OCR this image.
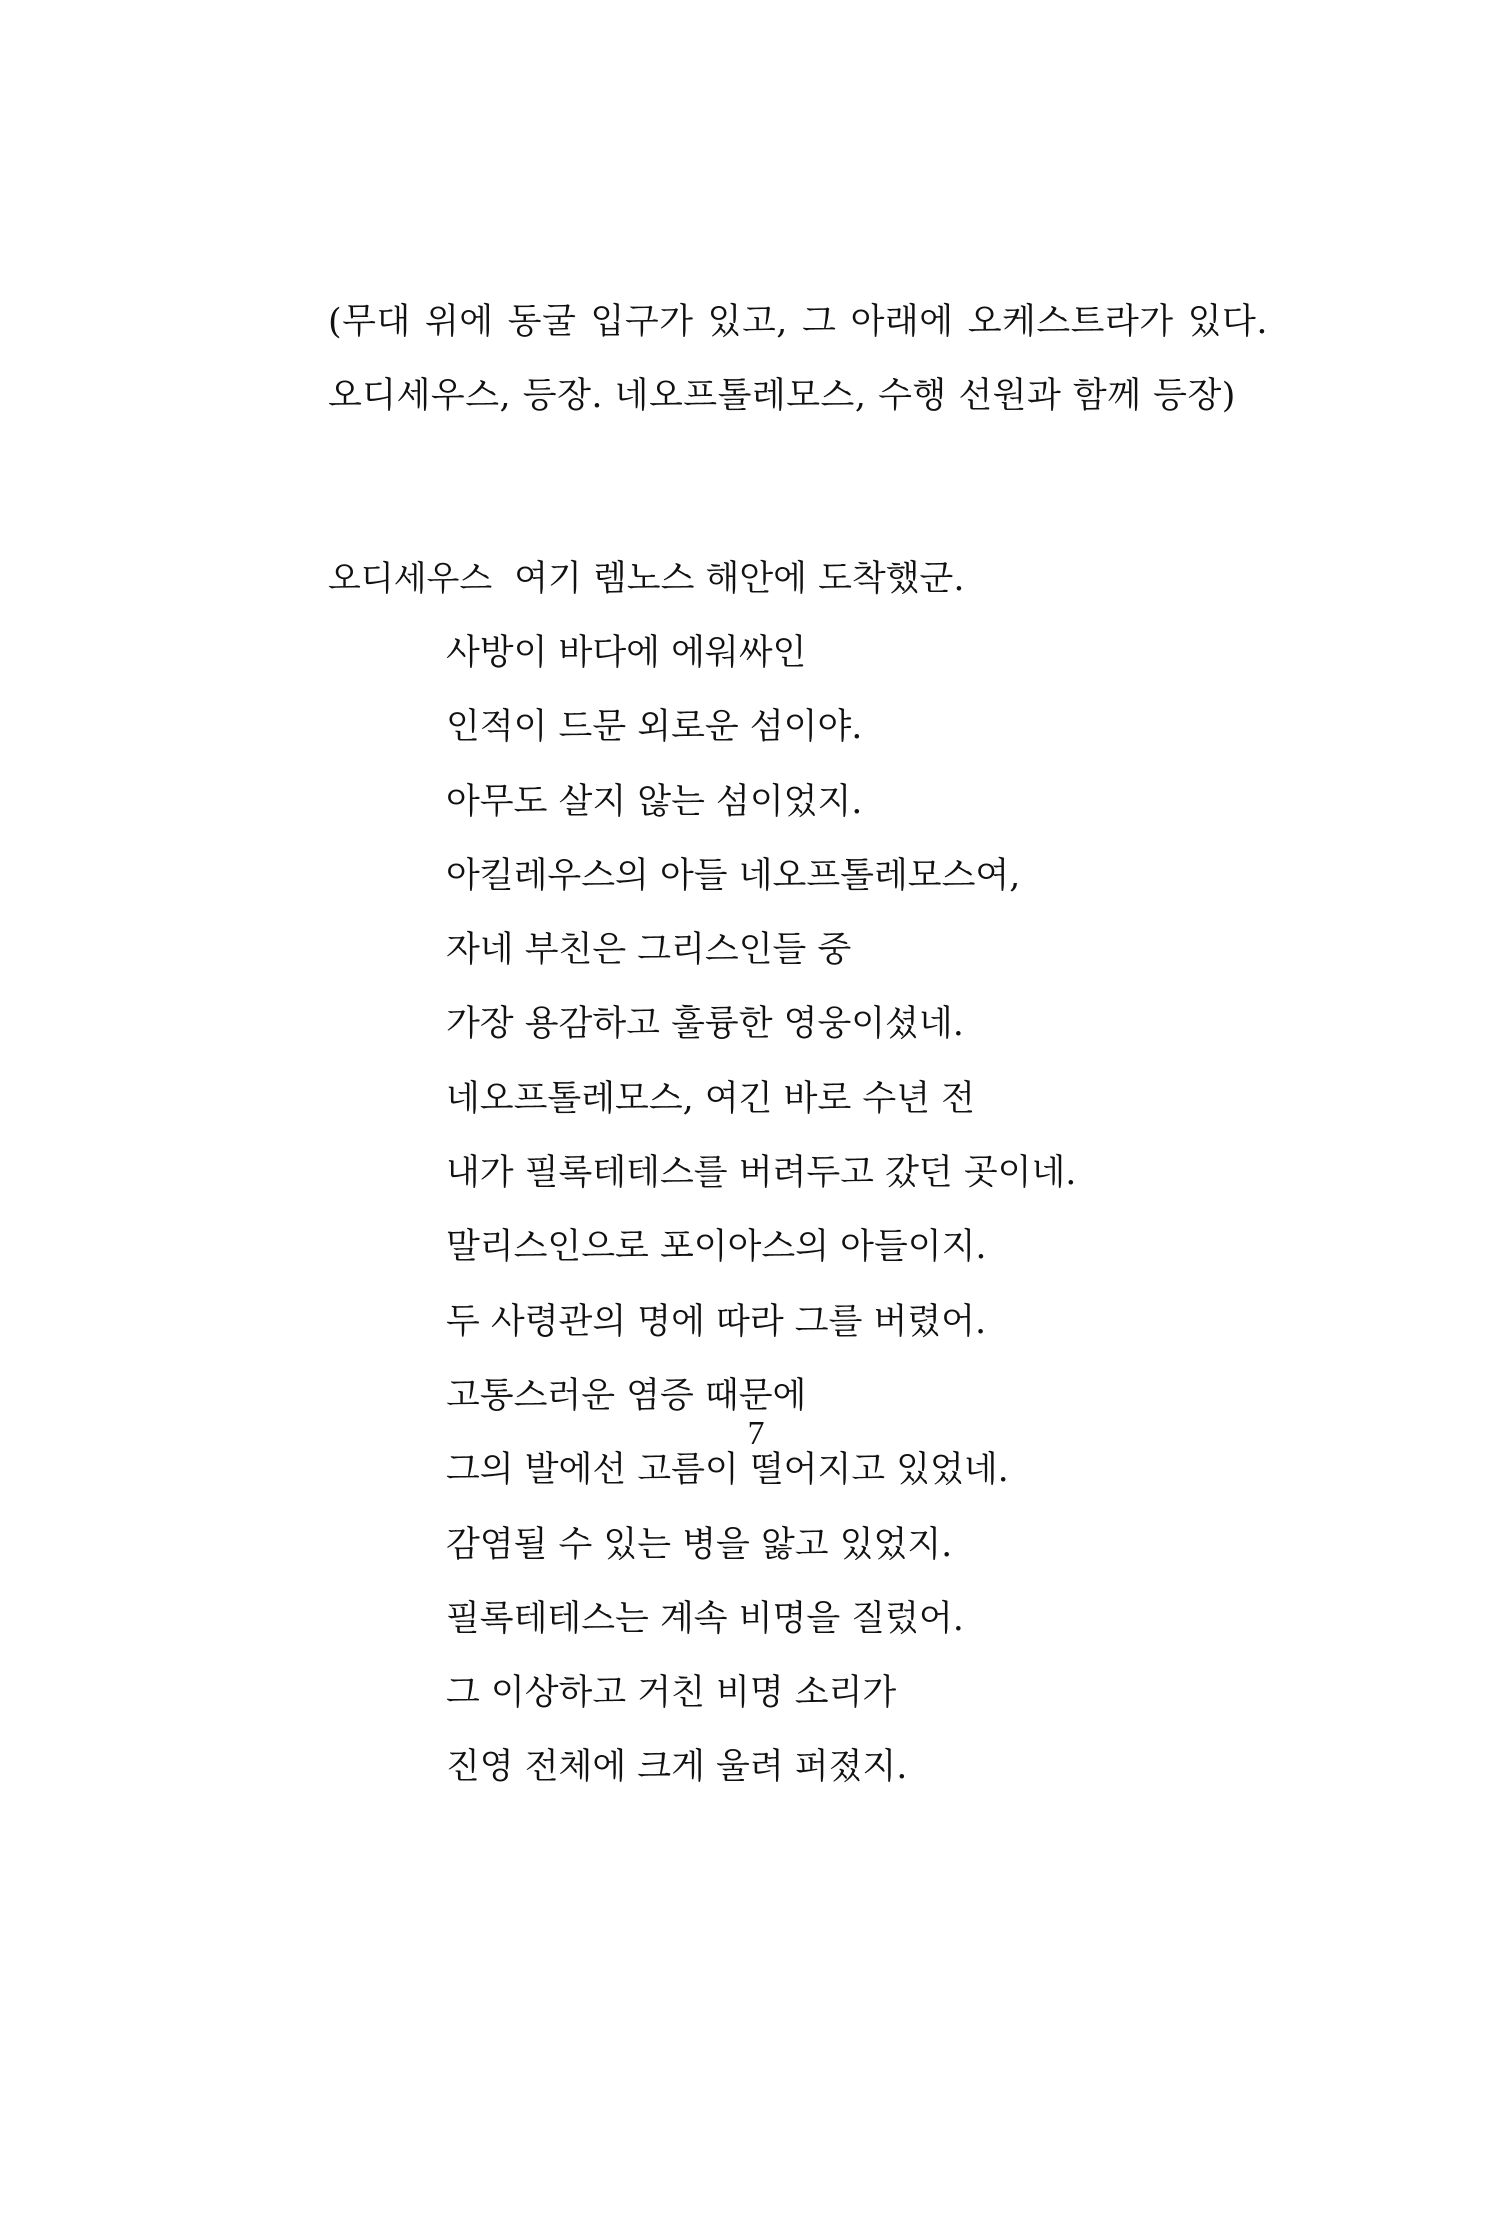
(무대 위에 동굴 입구가 있고, 그 아래에 오케스트라가 있다. 오디세우스, 등장. 네오프톨레모스, 수행 선원과 함께 등장)

오디세우스 여기 렘노스 해안에 도착했군.
사방이 바다에 에워싸인
인적이 드문 외로운 섬이야.
아무도 살지 않는 섬이었지.
아킬레우스의 아들 네오프톨레모스여,
자네 부친은 그리스인들 중
가장 용감하고 훌륭한 영웅이셨네.
네오프톨레모스, 여긴 바로 수년 전
내가 필록테테스를 버려두고 갔던 곳이네.
말리스인으로 포이아스의 아들이지.
두 사령관의 명에 따라 그를 버렸어.
고통스러운 염증 때문에
그의 발에선 고름이 떨어지고 있었네.
감염될 수 있는 병을 앓고 있었지.
필록테테스는 계속 비명을 질렀어.
그 이상하고 거친 비명 소리가
진영 전체에 크게 울려 퍼졌지.
7
